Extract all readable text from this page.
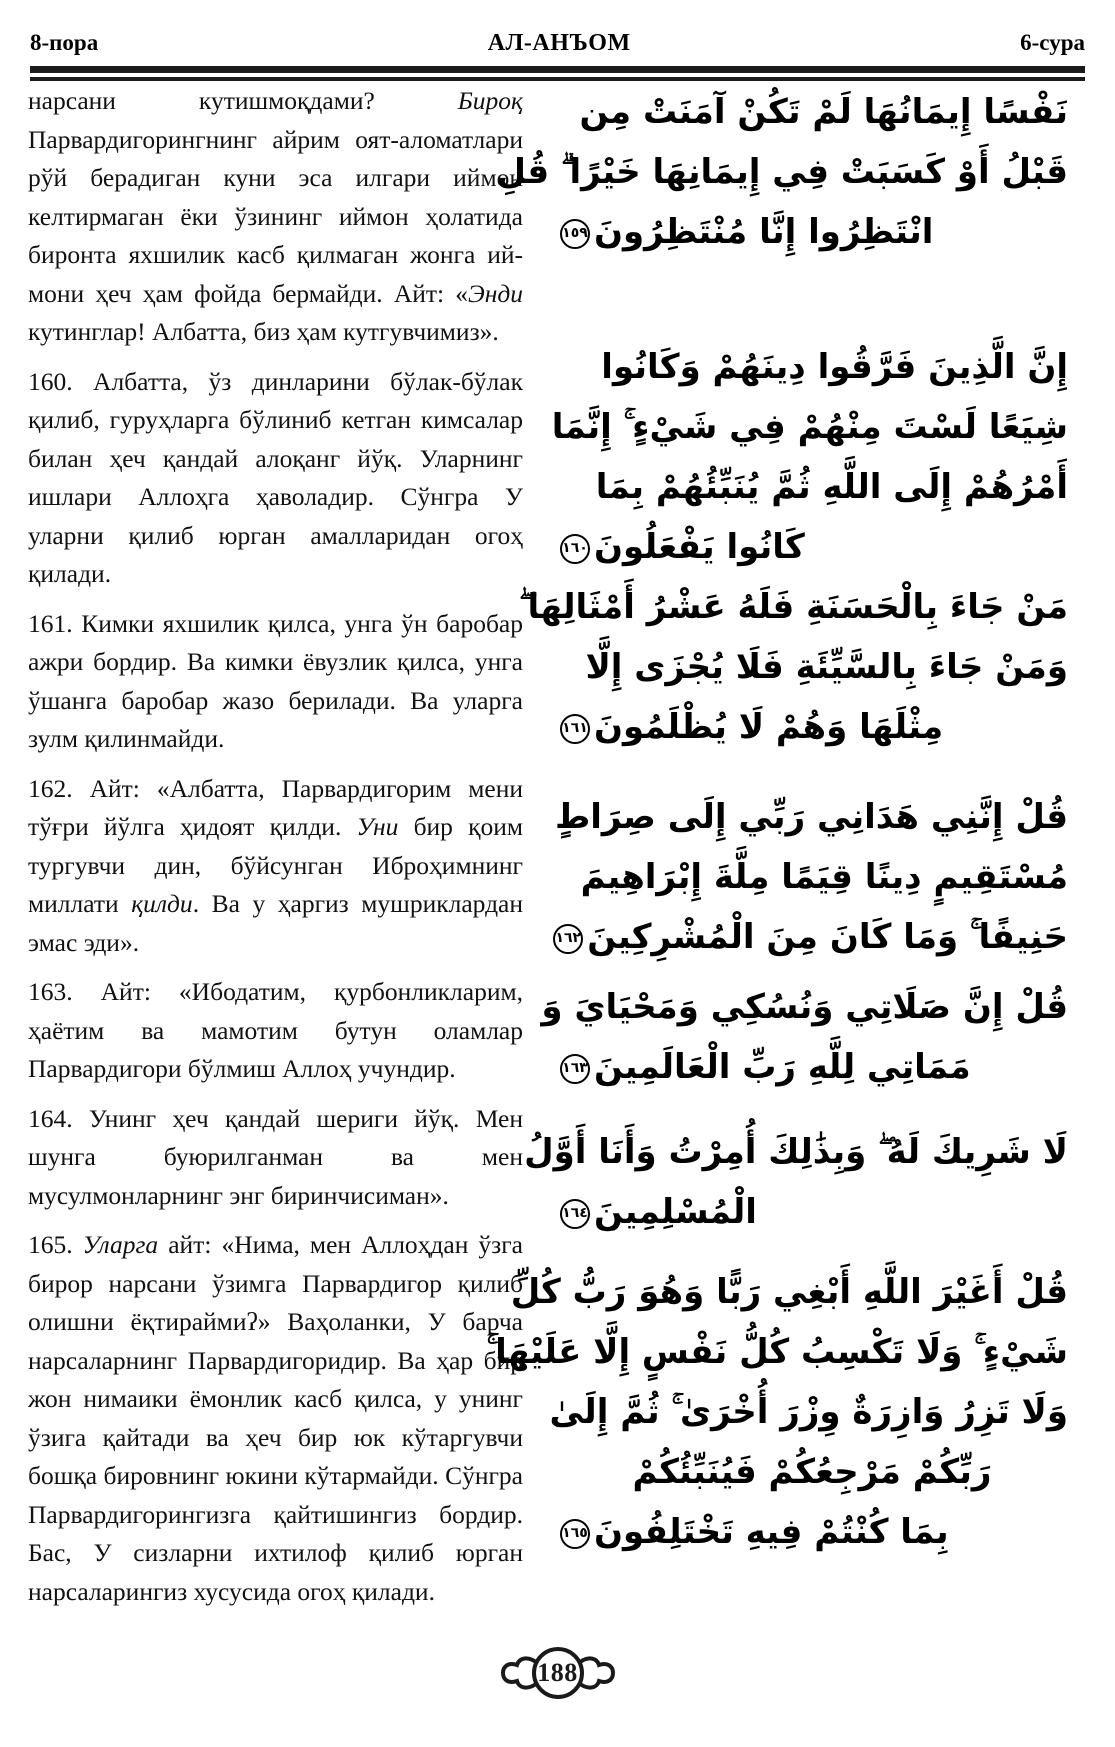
8-пора	АЛ-АНЪОМ	6-сура
нарсани кутишмоқдами? Бироқ Парвардигорингнинг айрим оят-аломатлари рўй берадиган куни эса илгари иймон келтирмаган ёки ўзининг иймон ҳолатида биронта яхшилик касб қилмаган жонга иймони ҳеч ҳам фойда бермайди. Айт: «Энди кутинглар! Албатта, биз ҳам кутгувчимиз».
160. Албатта, ўз динларини бўлак-бўлак қилиб, гуруҳларга бўлиниб кетган кимсалар билан ҳеч қандай алоқанг йўқ. Уларнинг ишлари Аллоҳга ҳаволадир. Сўнгра У уларни қилиб юрган амалларидан огоҳ қилади.
161. Кимки яхшилик қилса, унга ўн баробар ажри бордир. Ва кимки ёвузлик қилса, унга ўшанга баробар жазо берилади. Ва уларга зулм қилинмайди.
162. Айт: «Албатта, Парвардигорим мени тўғри йўлга ҳидоят қилди. Уни бир қоим тургувчи дин, бўйсунган Иброҳимнинг миллати қилди. Ва у ҳаргиз мушриклардан эмас эди».
163. Айт: «Ибодатим, қурбонликларим, ҳаётим ва мамотим бутун оламлар Парвардигори бўлмиш Аллоҳ учундир.
164. Унинг ҳеч қандай шериги йўқ. Мен шунга буюрилганман ва мен мусулмонларнинг энг биринчисиман».
165. Уларга айт: «Нима, мен Аллоҳдан ўзга бирор нарсани ўзимга Парвардигор қилиб олишни ёқтираймиʔ» Ваҳоланки, У барча нарсаларнинг Парвардигоридир. Ва ҳар бир жон нимаики ёмонлик касб қилса, у унинг ўзига қайтади ва ҳеч бир юк кўтаргувчи бошқа бировнинг юкини кўтармайди. Сўнгра Парвардигорингизга қайтишингиз бордир. Бас, У сизларни ихтилоф қилиб юрган нарсаларингиз хусусида огоҳ қилади.
نَفْسًا إِيمَانُهَا لَمْ تَكُنْ آمَنَتْ مِن
قَبْلُ أَوْ كَسَبَتْ فِي إِيمَانِهَا خَيْرًا ۗ قُلِ
انْتَظِرُوا إِنَّا مُنْتَظِرُونَ١٥٩
إِنَّ الَّذِينَ فَرَّقُوا دِينَهُمْ وَكَانُوا
شِيَعًا لَسْتَ مِنْهُمْ فِي شَيْءٍ ۚ إِنَّمَا
أَمْرُهُمْ إِلَى اللَّهِ ثُمَّ يُنَبِّئُهُمْ بِمَا
كَانُوا يَفْعَلُونَ١٦٠
مَنْ جَاءَ بِالْحَسَنَةِ فَلَهُ عَشْرُ أَمْثَالِهَا ۖ
وَمَنْ جَاءَ بِالسَّيِّئَةِ فَلَا يُجْزَى إِلَّا
مِثْلَهَا وَهُمْ لَا يُظْلَمُونَ١٦١
قُلْ إِنَّنِي هَدَانِي رَبِّي إِلَى صِرَاطٍ
مُسْتَقِيمٍ دِينًا قِيَمًا مِلَّةَ إِبْرَاهِيمَ
حَنِيفًا ۚ وَمَا كَانَ مِنَ الْمُشْرِكِينَ١٦٢
قُلْ إِنَّ صَلَاتِي وَنُسُكِي وَمَحْيَايَ وَ
مَمَاتِي لِلَّهِ رَبِّ الْعَالَمِينَ١٦٣
لَا شَرِيكَ لَهُ ۖ وَبِذَٰلِكَ أُمِرْتُ وَأَنَا أَوَّلُ
الْمُسْلِمِينَ١٦٤
قُلْ أَغَيْرَ اللَّهِ أَبْغِي رَبًّا وَهُوَ رَبُّ كُلِّ
شَيْءٍ ۚ وَلَا تَكْسِبُ كُلُّ نَفْسٍ إِلَّا عَلَيْهَا ۚ
وَلَا تَزِرُ وَازِرَةٌ وِزْرَ أُخْرَىٰ ۚ ثُمَّ إِلَىٰ
رَبِّكُمْ مَرْجِعُكُمْ فَيُنَبِّئُكُمْ
بِمَا كُنْتُمْ فِيهِ تَخْتَلِفُونَ١٦٥
188
